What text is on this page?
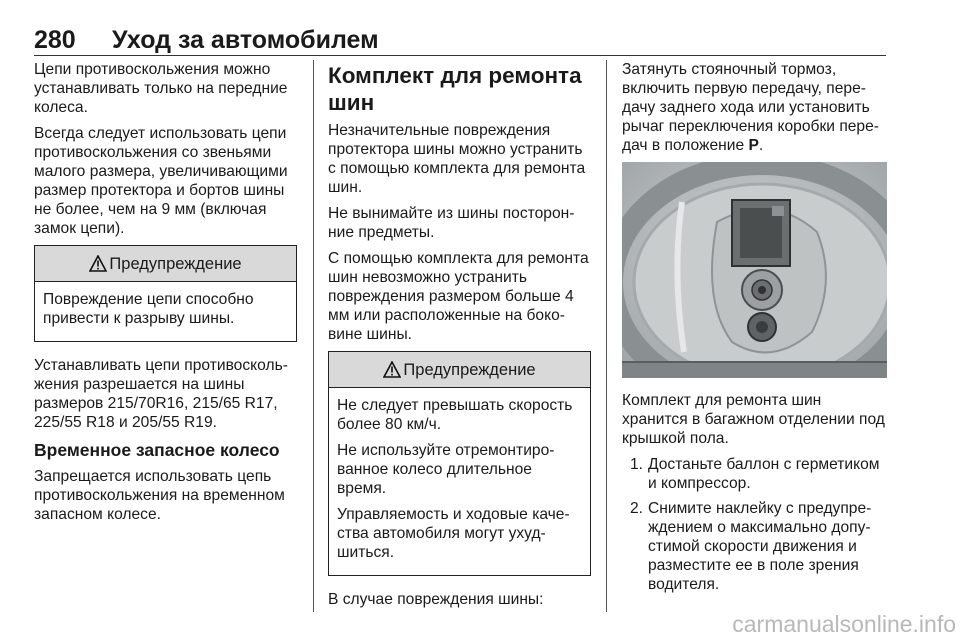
280 Уход за автомобилем

Цепи противоскольжения можно устанавливать только на передние колеса.

Всегда следует использовать цепи противоскольжения со звеньями малого размера, увеличивающими размер протектора и бортов шины не более, чем на 9 мм (включая замок цепи).

Предупреждение

Повреждение цепи способно привести к разрыву шины.

Устанавливать цепи противосколь-жения разрешается на шины размеров 215/70R16, 215/65 R17, 225/55 R18 и 205/55 R19.

Временное запасное колесо

Запрещается использовать цепь противоскольжения на временном запасном колесе.

Комплект для ремонта шин

Незначительные повреждения протектора шины можно устранить с помощью комплекта для ремонта шин.

Не вынимайте из шины посторон-ние предметы.

С помощью комплекта для ремонта шин невозможно устранить повреждения размером больше 4 мм или расположенные на боко-вине шины.

Предупреждение

Не следует превышать скорость более 80 км/ч.

Не используйте отремонтиро-ванное колесо длительное время.

Управляемость и ходовые каче-ства автомобиля могут ухуд-шиться.

В случае повреждения шины:

Затянуть стояночный тормоз, включить первую передачу, пере-дачу заднего хода или установить рычаг переключения коробки пере-дач в положение P.

Комплект для ремонта шин хранится в багажном отделении под крышкой пола.

1. Достаньте баллон с герметиком и компрессор.
2. Снимите наклейку с предупре-ждением о максимально допу-стимой скорости движения и разместите ее в поле зрения водителя.
carmanualsonline.info
